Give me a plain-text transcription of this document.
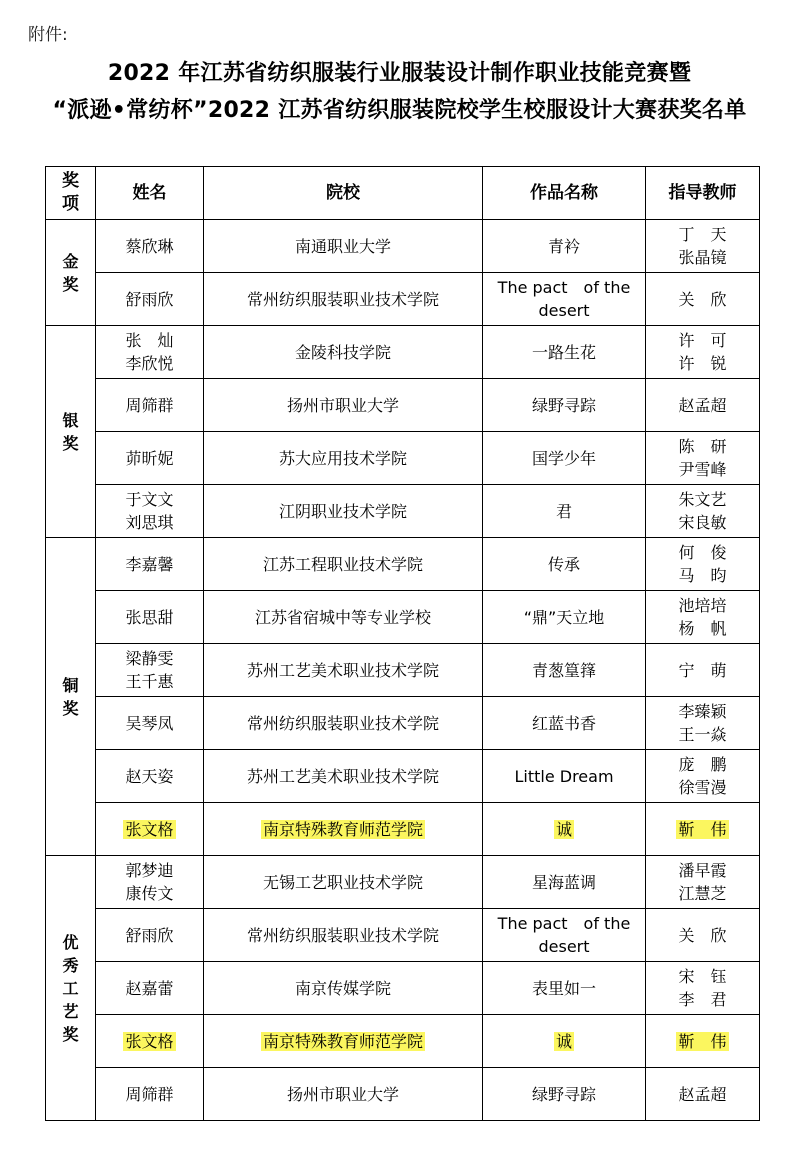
附件:
2022 年江苏省纺织服装行业服装设计制作职业技能竞赛暨
“派逊•常纺杯”2022 江苏省纺织服装院校学生校服设计大赛获奖名单
奖项	姓名	院校	作品名称	指导教师
金奖	蔡欣琳	南通职业大学	青衿	丁　天
张晶镜

	舒雨欣	常州纺织服装职业技术学院	The pact　of the
desert	关　欣

银奖	张　灿
李欣悦	金陵科技学院	一路生花	许　可
许　锐

	周筛群	扬州市职业大学	绿野寻踪	赵孟超

	茆昕妮	苏大应用技术学院	国学少年	陈　研
尹雪峰

	于文文
刘思琪	江阴职业技术学院	君	朱文艺
宋良敏

铜奖	李嘉馨	江苏工程职业技术学院	传承	何　俊
马　昀

	张思甜	江苏省宿城中等专业学校	“鼎”天立地	池培培
杨　帆

	梁静雯
王千惠	苏州工艺美术职业技术学院	青葱篁箨	宁　萌

	吴琴凤	常州纺织服装职业技术学院	红蓝书香	李臻颖
王一焱

	赵天姿	苏州工艺美术职业技术学院	Little Dream	庞　鹏
徐雪漫

	张文格	南京特殊教育师范学院	诚	靳　伟
优秀工艺奖	郭梦迪
康传文	无锡工艺职业技术学院	星海蓝调	潘早霞
江慧芝

	舒雨欣	常州纺织服装职业技术学院	The pact　of the
desert	关　欣

	赵嘉蕾	南京传媒学院	表里如一	宋　钰
李　君

	张文格	南京特殊教育师范学院	诚	靳　伟

	周筛群	扬州市职业大学	绿野寻踪	赵孟超
